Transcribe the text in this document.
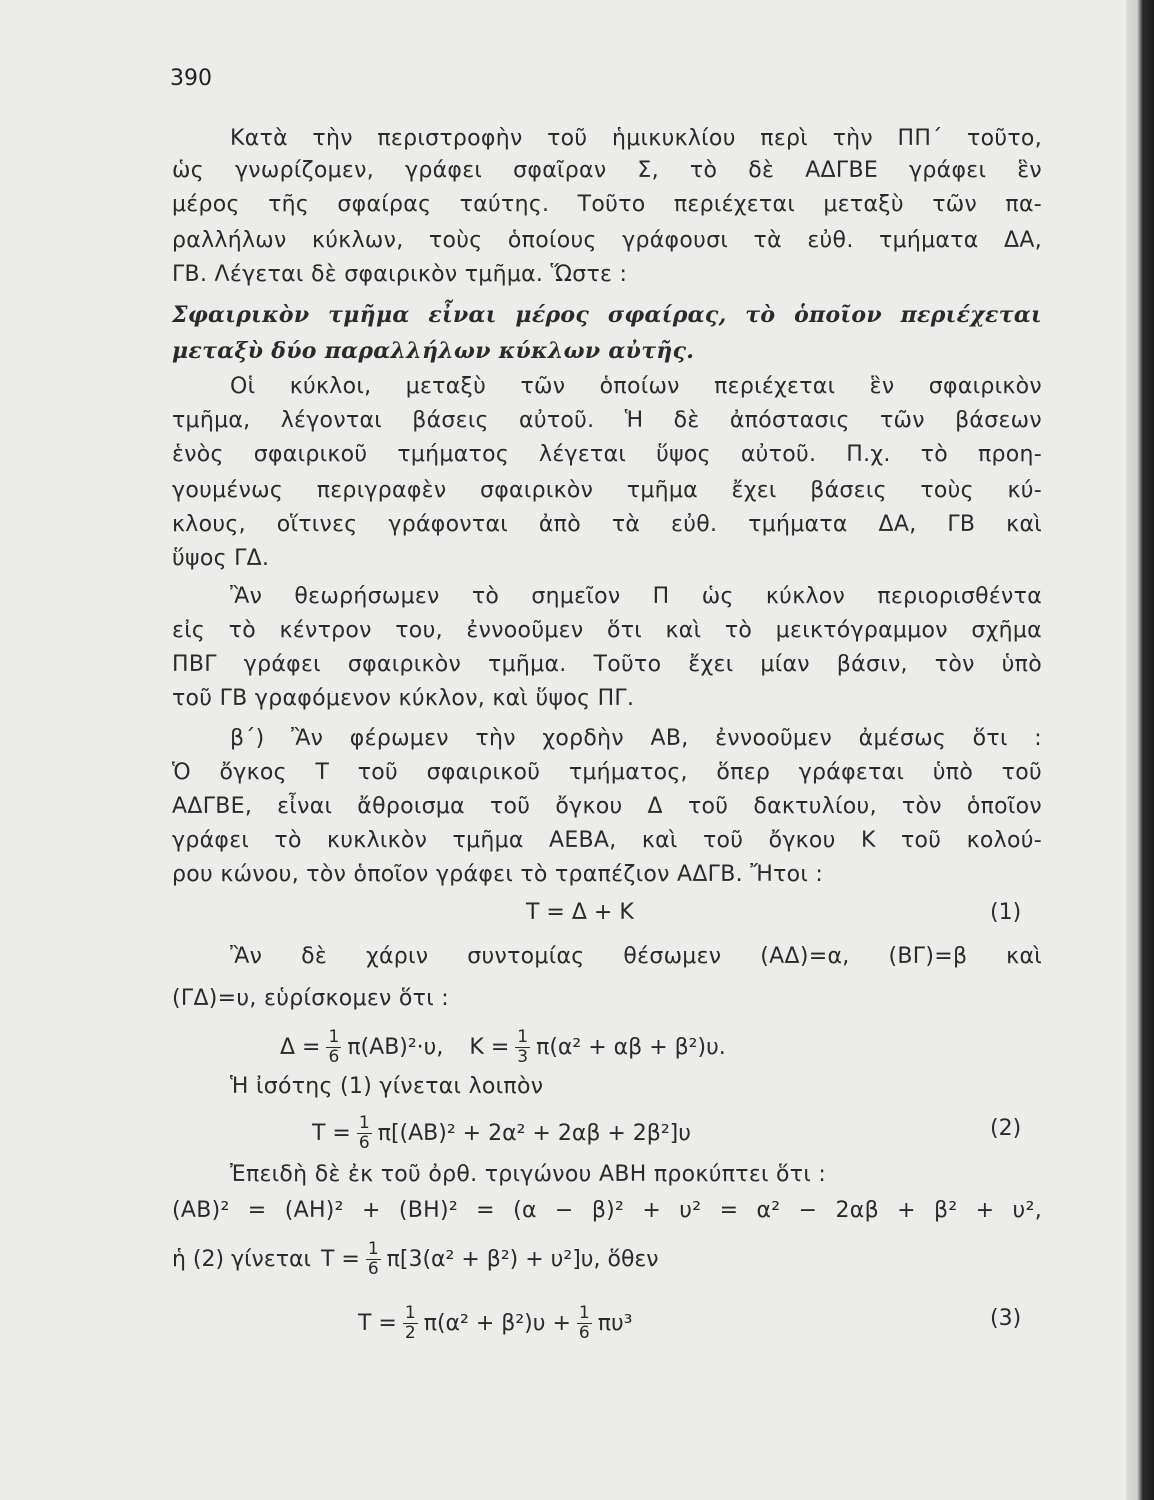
390
Κατὰ τὴν περιστροφὴν τοῦ ἡμικυκλίου περὶ τὴν ΠΠ΄ τοῦτο,
ὡς γνωρίζομεν, γράφει σφαῖραν Σ, τὸ δὲ ΑΔΓΒΕ γράφει ἓν
μέρος τῆς σφαίρας ταύτης. Τοῦτο περιέχεται μεταξὺ τῶν πα-
ραλλήλων κύκλων, τοὺς ὁποίους γράφουσι τὰ εὐθ. τμήματα ΔΑ,
ΓΒ. Λέγεται δὲ σφαιρικὸν τμῆμα. Ὥστε :
Σφαιρικὸν τμῆμα εἶναι μέρος σφαίρας, τὸ ὁποῖον περιέχεται
μεταξὺ δύο παραλλήλων κύκλων αὐτῆς.
Οἱ κύκλοι, μεταξὺ τῶν ὁποίων περιέχεται ἓν σφαιρικὸν
τμῆμα, λέγονται βάσεις αὐτοῦ. Ἡ δὲ ἀπόστασις τῶν βάσεων
ἑνὸς σφαιρικοῦ τμήματος λέγεται ὕψος αὐτοῦ. Π.χ. τὸ προη-
γουμένως περιγραφὲν σφαιρικὸν τμῆμα ἔχει βάσεις τοὺς κύ-
κλους, οἵτινες γράφονται ἀπὸ τὰ εὐθ. τμήματα ΔΑ, ΓΒ καὶ
ὕψος ΓΔ.
Ἂν θεωρήσωμεν τὸ σημεῖον Π ὡς κύκλον περιορισθέντα
εἰς τὸ κέντρον του, ἐννοοῦμεν ὅτι καὶ τὸ μεικτόγραμμον σχῆμα
ΠΒΓ γράφει σφαιρικὸν τμῆμα. Τοῦτο ἔχει μίαν βάσιν, τὸν ὑπὸ
τοῦ ΓΒ γραφόμενον κύκλον, καὶ ὕψος ΠΓ.
β΄) Ἂν φέρωμεν τὴν χορδὴν ΑΒ, ἐννοοῦμεν ἀμέσως ὅτι :
Ὁ ὄγκος Τ τοῦ σφαιρικοῦ τμήματος, ὅπερ γράφεται ὑπὸ τοῦ
ΑΔΓΒΕ, εἶναι ἄθροισμα τοῦ ὄγκου Δ τοῦ δακτυλίου, τὸν ὁποῖον
γράφει τὸ κυκλικὸν τμῆμα ΑΕΒΑ, καὶ τοῦ ὄγκου Κ τοῦ κολού-
ρου κώνου, τὸν ὁποῖον γράφει τὸ τραπέζιον ΑΔΓΒ. Ἤτοι :
Τ = Δ + Κ	(1)
Ἂν δὲ χάριν συντομίας θέσωμεν (ΑΔ)=α, (ΒΓ)=β καὶ
(ΓΔ)=υ, εὑρίσκομεν ὅτι :
$\Delta = \frac{1}{6} \pi(AB)^2\cdot\upsilon$, $K = \frac{1}{3} \pi(\alpha^2 + \alpha\beta + \beta^2)\upsilon$.
Ἡ ἰσότης (1) γίνεται λοιπὸν
$T = \frac{1}{6} \pi[(AB)^2 + 2\alpha^2 + 2\alpha\beta + 2\beta^2]\upsilon$	(2)
Ἐπειδὴ δὲ ἐκ τοῦ ὀρθ. τριγώνου ΑΒΗ προκύπτει ὅτι :
(ΑΒ)² = (ΑΗ)² + (ΒΗ)² = (α − β)² + υ² = α² − 2αβ + β² + υ²,
ἡ (2) γίνεται $T = \frac{1}{6} \pi[3(\alpha^2 + \beta^2) + \upsilon^2]\upsilon$, ὅθεν
$T = \frac{1}{2} \pi(\alpha^2 + \beta^2)\upsilon + \frac{1}{6} \pi\upsilon^3$	(3)
